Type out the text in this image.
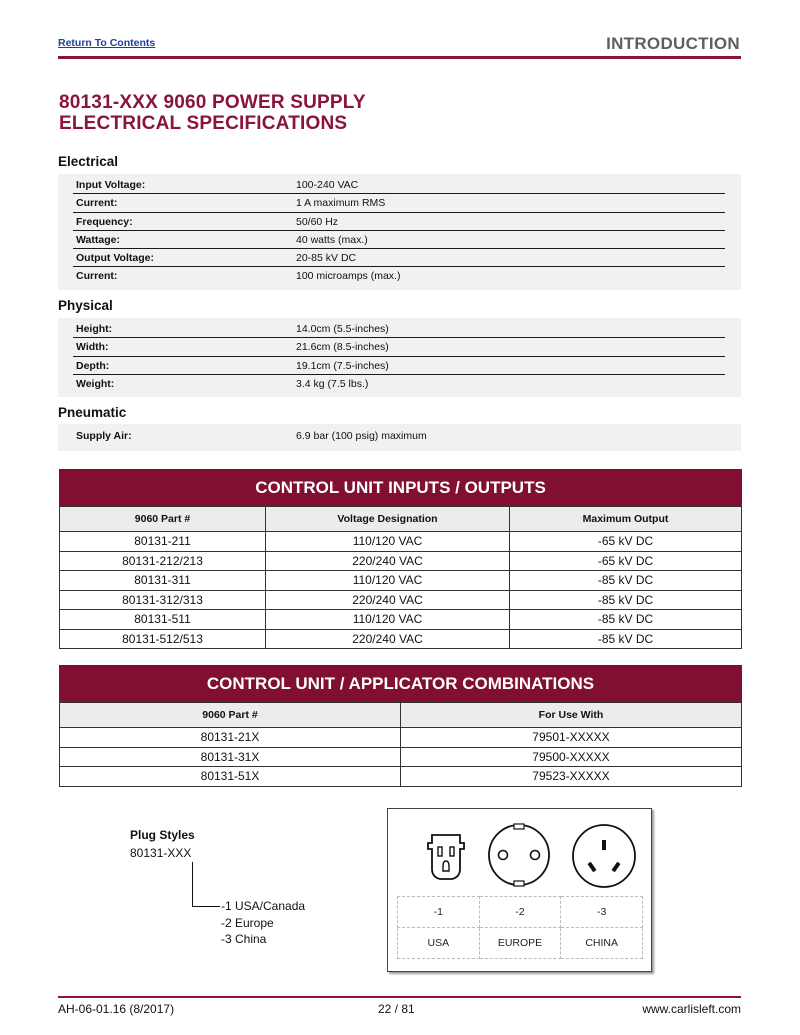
Return To Contents	INTRODUCTION
80131-XXX 9060 POWER SUPPLY
ELECTRICAL SPECIFICATIONS
Electrical
Input Voltage:	100-240 VAC
Current:	1 A maximum RMS
Frequency:	50/60 Hz
Wattage:	40 watts (max.)
Output Voltage:	20-85 kV DC
Current:	100 microamps (max.)
Physical
Height:	14.0cm (5.5-inches)
Width:	21.6cm (8.5-inches)
Depth:	19.1cm (7.5-inches)
Weight:	3.4 kg (7.5 lbs.)
Pneumatic
Supply Air:	6.9 bar (100 psig) maximum
CONTROL UNIT INPUTS / OUTPUTS		
9060 Part #	Voltage Designation	Maximum Output
80131-211	110/120 VAC	-65 kV DC
80131-212/213	220/240 VAC	-65 kV DC
80131-311	110/120 VAC	-85 kV DC
80131-312/313	220/240 VAC	-85 kV DC
80131-511	110/120 VAC	-85 kV DC
80131-512/513	220/240 VAC	-85 kV DC
CONTROL UNIT / APPLICATOR COMBINATIONS	
9060 Part #	For Use With
80131-21X	79501-XXXXX
80131-31X	79500-XXXXX
80131-51X	79523-XXXXX
Plug Styles
80131-XXX
-1 USA/Canada
-2 Europe
-3 China
-1	-2	-3
USA	EUROPE	CHINA
AH-06-01.16 (8/2017)	22 / 81	www.carlisleft.com
